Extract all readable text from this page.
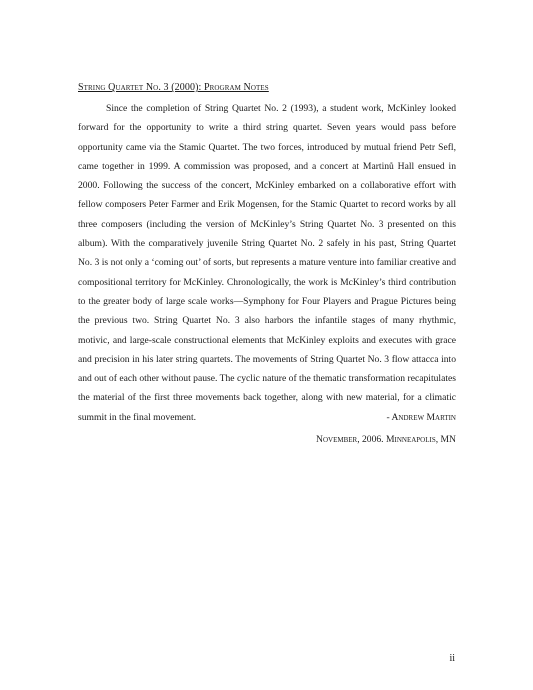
String Quartet No. 3 (2000): Program Notes

Since the completion of String Quartet No. 2 (1993), a student work, McKinley looked forward for the opportunity to write a third string quartet. Seven years would pass before opportunity came via the Stamic Quartet. The two forces, introduced by mutual friend Petr Sefl, came together in 1999. A commission was proposed, and a concert at Martinů Hall ensued in 2000. Following the success of the concert, McKinley embarked on a collaborative effort with fellow composers Peter Farmer and Erik Mogensen, for the Stamic Quartet to record works by all three composers (including the version of McKinley’s String Quartet No. 3 presented on this album). With the comparatively juvenile String Quartet No. 2 safely in his past, String Quartet No. 3 is not only a ‘coming out’ of sorts, but represents a mature venture into familiar creative and compositional territory for McKinley. Chronologically, the work is McKinley’s third contribution to the greater body of large scale works—Symphony for Four Players and Prague Pictures being the previous two. String Quartet No. 3 also harbors the infantile stages of many rhythmic, motivic, and large-scale constructional elements that McKinley exploits and executes with grace and precision in his later string quartets. The movements of String Quartet No. 3 flow attacca into and out of each other without pause. The cyclic nature of the thematic transformation recapitulates the material of the first three movements back together, along with new material, for a climatic summit in the final movement.	- Andrew Martin
November, 2006. Minneapolis, MN
ii
